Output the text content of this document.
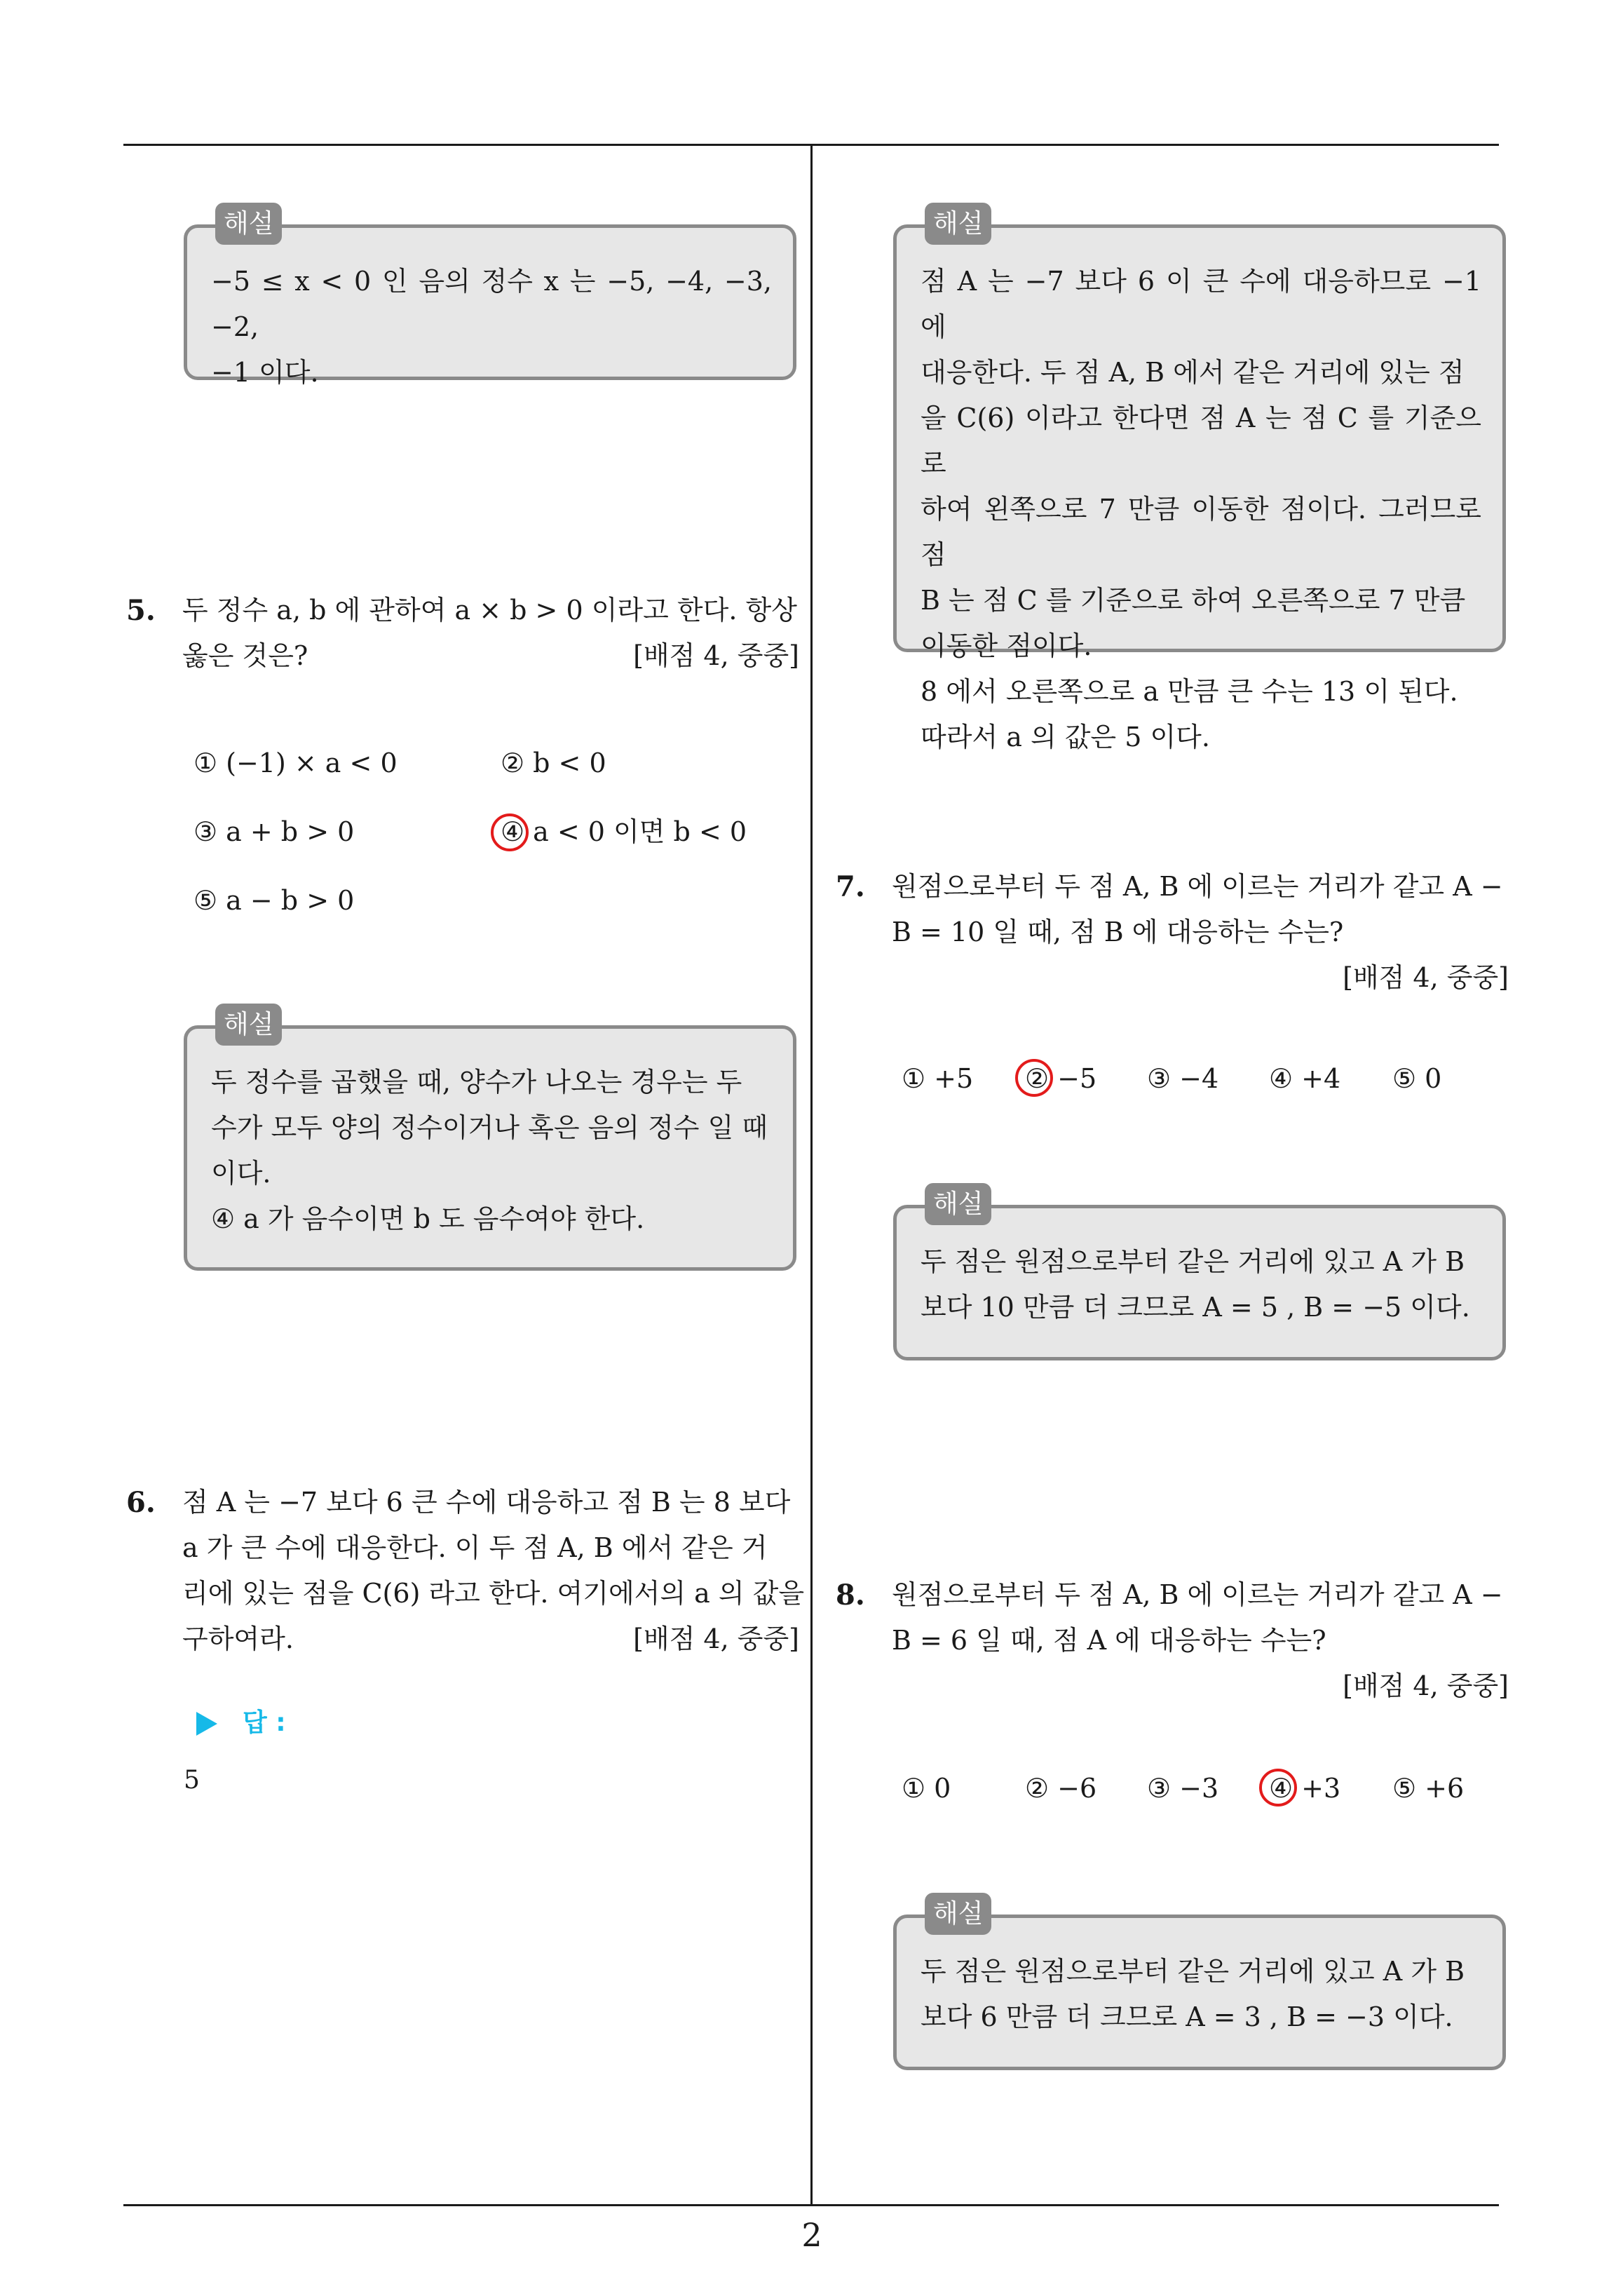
2
해설

−5 ≤ x < 0 인 음의 정수 x 는 −5, −4, −3, −2,

−1 이다.

5. 두 정수 a, b 에 관하여 a × b > 0 이라고 한다. 항상
옳은 것은?	[배점 4, 중중]
① (−1) × a < 0	② b < 0
③ a + b > 0	④ a < 0 이면 b < 0
⑤ a − b > 0
해설

두 정수를 곱했을 때, 양수가 나오는 경우는 두

수가 모두 양의 정수이거나 혹은 음의 정수 일 때

이다.

④ a 가 음수이면 b 도 음수여야 한다.

6. 점 A 는 −7 보다 6 큰 수에 대응하고 점 B 는 8 보다
a 가 큰 수에 대응한다. 이 두 점 A, B 에서 같은 거
리에 있는 점을 C(6) 라고 한다. 여기에서의 a 의 값을
구하여라.	[배점 4, 중중]
답 :
5
해설

점 A 는 −7 보다 6 이 큰 수에 대응하므로 −1 에

대응한다. 두 점 A, B 에서 같은 거리에 있는 점

을 C(6) 이라고 한다면 점 A 는 점 C 를 기준으로

하여 왼쪽으로 7 만큼 이동한 점이다. 그러므로 점

B 는 점 C 를 기준으로 하여 오른쪽으로 7 만큼

이동한 점이다.

8 에서 오른쪽으로 a 만큼 큰 수는 13 이 된다.

따라서 a 의 값은 5 이다.

7. 원점으로부터 두 점 A, B 에 이르는 거리가 같고 A −
B = 10 일 때, 점 B 에 대응하는 수는?
[배점 4, 중중]
① +5 ② −5 ③ −4 ④ +4 ⑤ 0
해설

두 점은 원점으로부터 같은 거리에 있고 A 가 B

보다 10 만큼 더 크므로 A = 5 , B = −5 이다.

8. 원점으로부터 두 점 A, B 에 이르는 거리가 같고 A −
B = 6 일 때, 점 A 에 대응하는 수는?
[배점 4, 중중]
① 0	② −6 ③ −3 ④ +3 ⑤ +6
해설

두 점은 원점으로부터 같은 거리에 있고 A 가 B

보다 6 만큼 더 크므로 A = 3 , B = −3 이다.
